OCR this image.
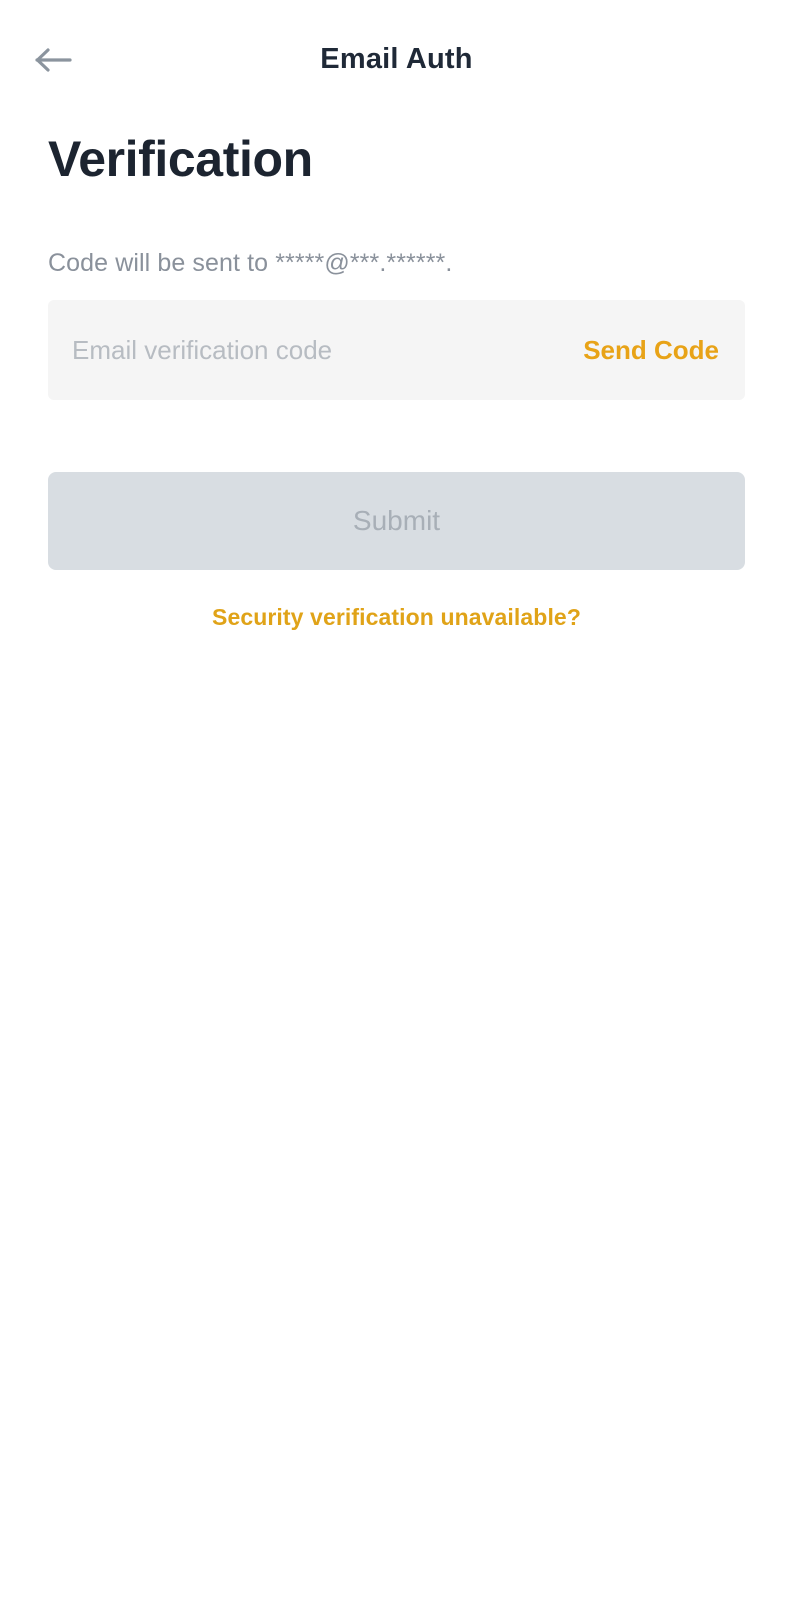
Email Auth
Verification
Code will be sent to *****@***.******.
Email verification code
Send Code
Submit
Security verification unavailable?
